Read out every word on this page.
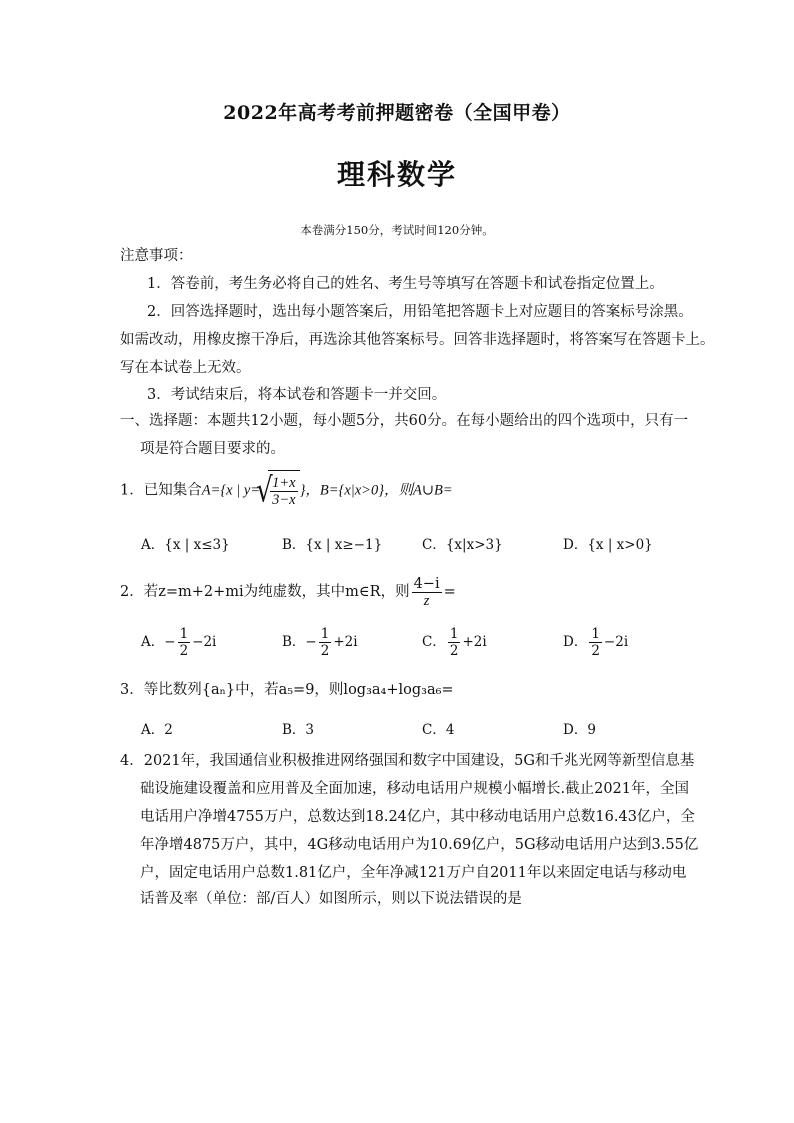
2022年高考考前押题密卷（全国甲卷）
理科数学
本卷满分150分，考试时间120分钟。
注意事项：
1．答卷前，考生务必将自己的姓名、考生号等填写在答题卡和试卷指定位置上。
2．回答选择题时，选出每小题答案后，用铅笔把答题卡上对应题目的答案标号涂黑。
如需改动，用橡皮擦干净后，再选涂其他答案标号。回答非选择题时，将答案写在答题卡上。
写在本试卷上无效。
3．考试结束后，将本试卷和答题卡一并交回。
一、选择题：本题共12小题，每小题5分，共60分。在每小题给出的四个选项中，只有一
项是符合题目要求的。
1．已知集合A={x | y=
√ $\frac{1+x}{3-x}$ }，B={x|x>0}，则A∪B=
A．{x | x≤3}	B．{x | x≥−1}	C．{x|x>3}	D．{x | x>0}
2．若z=m+2+mi为纯虚数，其中m∈R，则 $\frac{4-i}{z}$ =
A．− $\frac{1}{2} -2i$	B．− $\frac{1}{2} +2i$	C． $\frac{1}{2} +2i$	D． $\frac{1}{2} -2i$
3．等比数列{aₙ}中，若a₅=9，则log₃a₄+log₃a₆=
A．2	B．3	C．4	D．9
4．2021年，我国通信业积极推进网络强国和数字中国建设，5G和千兆光网等新型信息基
础设施建设覆盖和应用普及全面加速，移动电话用户规模小幅增长.截止2021年，全国
电话用户净增4755万户，总数达到18.24亿户，其中移动电话用户总数16.43亿户，全
年净增4875万户，其中，4G移动电话用户为10.69亿户，5G移动电话用户达到3.55亿
户，固定电话用户总数1.81亿户，全年净减121万户自2011年以来固定电话与移动电
话普及率（单位：部/百人）如图所示，则以下说法错误的是
